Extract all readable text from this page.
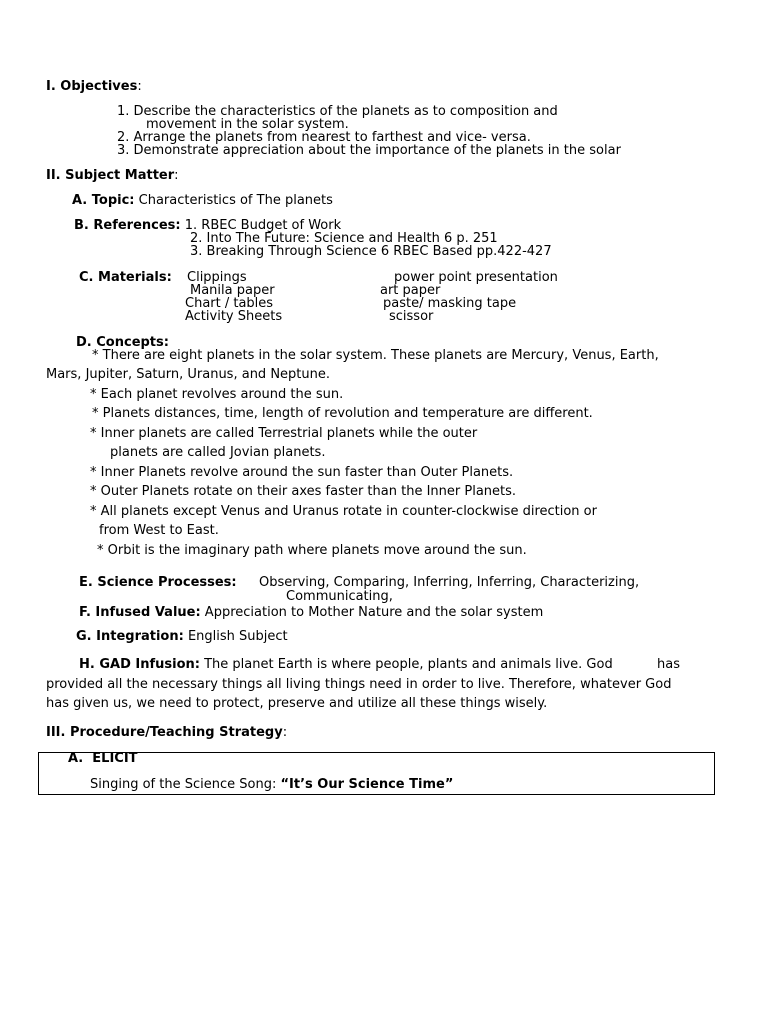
I. Objectives:
1. Describe the characteristics of the planets as to composition and
movement in the solar system.
2. Arrange the planets from nearest to farthest and vice- versa.
3. Demonstrate appreciation about the importance of the planets in the solar
II. Subject Matter:
A. Topic: Characteristics of The planets
B. References: 1. RBEC Budget of Work
2. Into The Future: Science and Health 6 p. 251
3. Breaking Through Science 6 RBEC Based pp.422-427
C. Materials: Clippings
Manila paper
Chart / tables
Activity Sheets
power point presentation
art paper
paste/ masking tape
scissor
D. Concepts:
* There are eight planets in the solar system. These planets are Mercury, Venus, Earth,
Mars, Jupiter, Saturn, Uranus, and Neptune.
* Each planet revolves around the sun.
* Planets distances, time, length of revolution and temperature are different.
* Inner planets are called Terrestrial planets while the outer
planets are called Jovian planets.
* Inner Planets revolve around the sun faster than Outer Planets.
* Outer Planets rotate on their axes faster than the Inner Planets.
* All planets except Venus and Uranus rotate in counter-clockwise direction or
from West to East.
* Orbit is the imaginary path where planets move around the sun.
E. Science Processes: Observing, Comparing, Inferring, Inferring, Characterizing,
Communicating,
F. Infused Value: Appreciation to Mother Nature and the solar system
G. Integration: English Subject
H. GAD Infusion: The planet Earth is where people, plants and animals live. God	has
provided all the necessary things all living things need in order to live. Therefore, whatever God
has given us, we need to protect, preserve and utilize all these things wisely.
III. Procedure/Teaching Strategy:
A.  ELICIT
Singing of the Science Song: “It’s Our Science Time”
